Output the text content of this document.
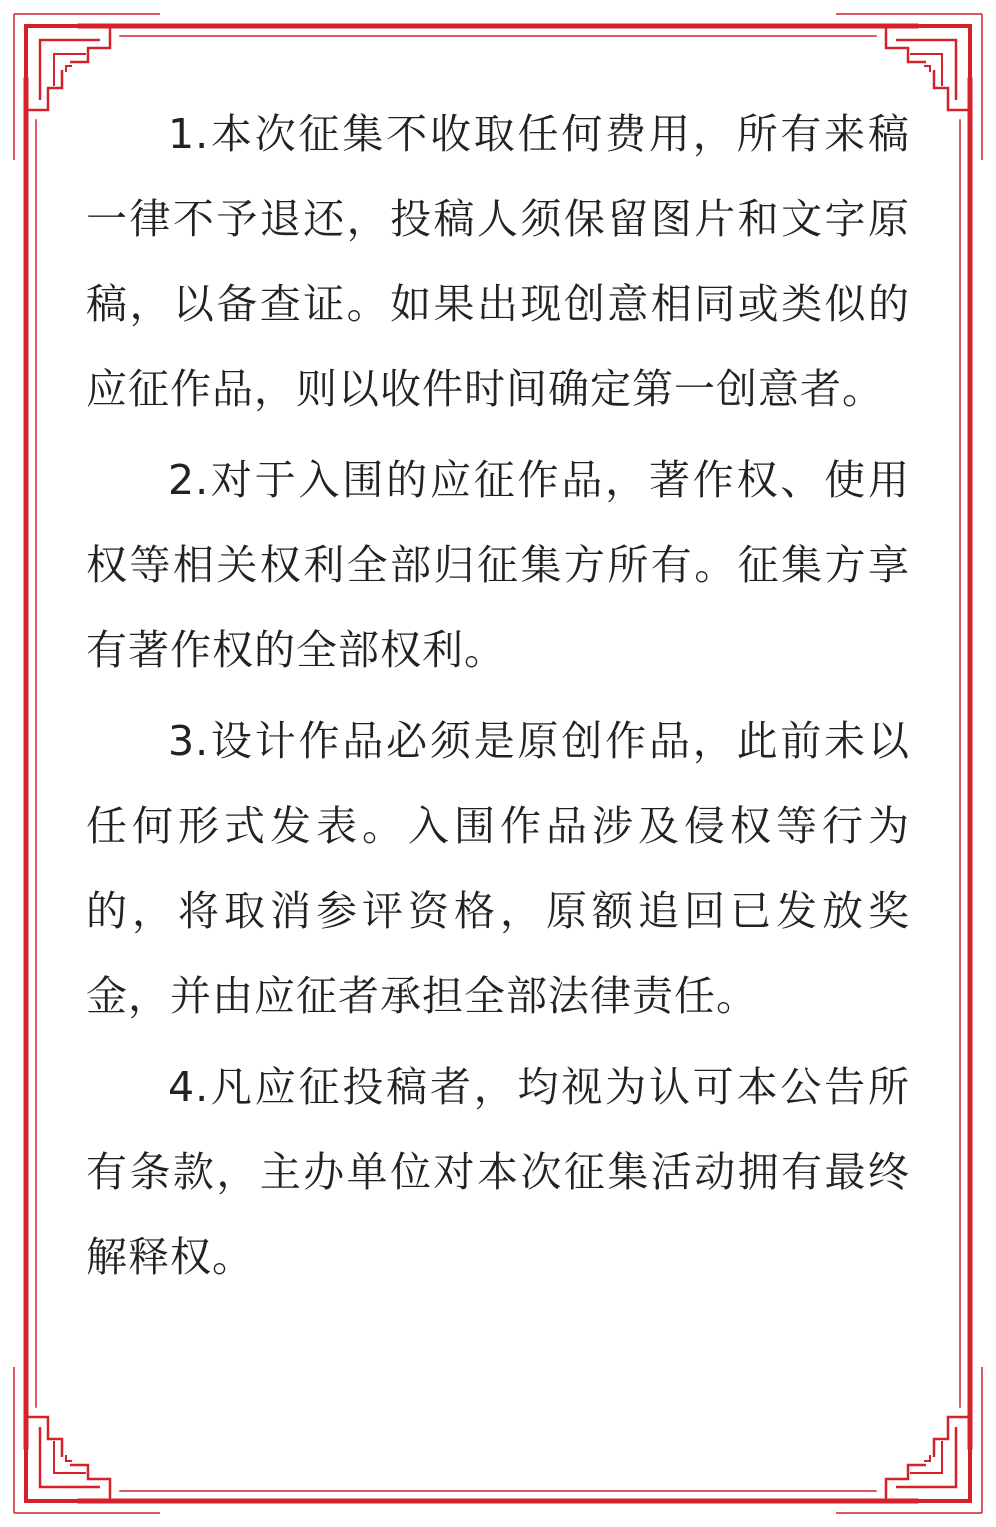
1.本次征集不收取任何费用，所有来稿一律不予退还，投稿人须保留图片和文字原稿，以备查证。如果出现创意相同或类似的应征作品，则以收件时间确定第一创意者。

2.对于入围的应征作品，著作权、使用权等相关权利全部归征集方所有。征集方享有著作权的全部权利。

3.设计作品必须是原创作品，此前未以任何形式发表。入围作品涉及侵权等行为的，将取消参评资格，原额追回已发放奖金，并由应征者承担全部法律责任。

4.凡应征投稿者，均视为认可本公告所有条款，主办单位对本次征集活动拥有最终解释权。
